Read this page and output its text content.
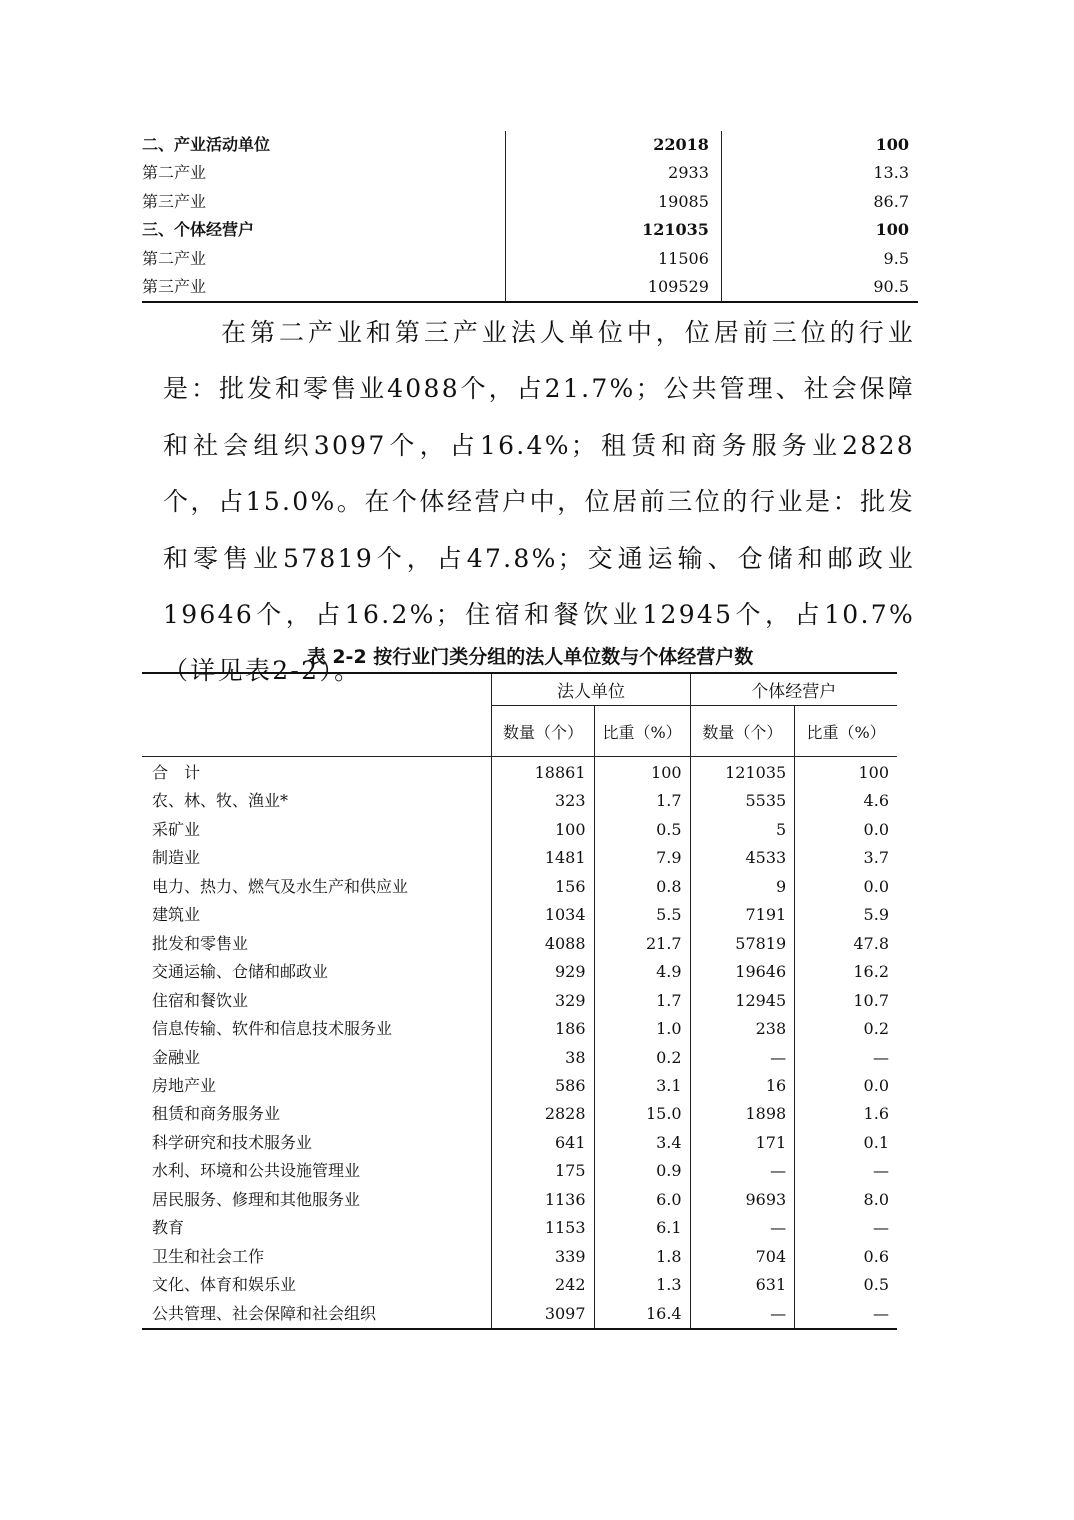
二、产业活动单位	22018	100
第二产业	2933	13.3
第三产业	19085	86.7
三、个体经营户	121035	100
第二产业	11506	9.5
第三产业	109529	90.5

在第二产业和第三产业法人单位中，位居前三位的行业是：批发和零售业4088个，占21.7%；公共管理、社会保障和社会组织3097个，占16.4%；租赁和商务服务业2828个，占15.0%。在个体经营户中，位居前三位的行业是：批发和零售业57819个，占47.8%；交通运输、仓储和邮政业19646个，占16.2%；住宿和餐饮业12945个，占10.7%（详见表2-2）。

表 2-2 按行业门类分组的法人单位数与个体经营户数
	法人单位		个体经营户	
	数量（个）	比重（%）	数量（个）	比重（%）
合　计	18861	100	121035	100
农、林、牧、渔业*	323	1.7	5535	4.6
采矿业	100	0.5	5	0.0
制造业	1481	7.9	4533	3.7
电力、热力、燃气及水生产和供应业	156	0.8	9	0.0
建筑业	1034	5.5	7191	5.9
批发和零售业	4088	21.7	57819	47.8
交通运输、仓储和邮政业	929	4.9	19646	16.2
住宿和餐饮业	329	1.7	12945	10.7
信息传输、软件和信息技术服务业	186	1.0	238	0.2
金融业	38	0.2	—	—
房地产业	586	3.1	16	0.0
租赁和商务服务业	2828	15.0	1898	1.6
科学研究和技术服务业	641	3.4	171	0.1
水利、环境和公共设施管理业	175	0.9	—	—
居民服务、修理和其他服务业	1136	6.0	9693	8.0
教育	1153	6.1	—	—
卫生和社会工作	339	1.8	704	0.6
文化、体育和娱乐业	242	1.3	631	0.5
公共管理、社会保障和社会组织	3097	16.4	—	—
